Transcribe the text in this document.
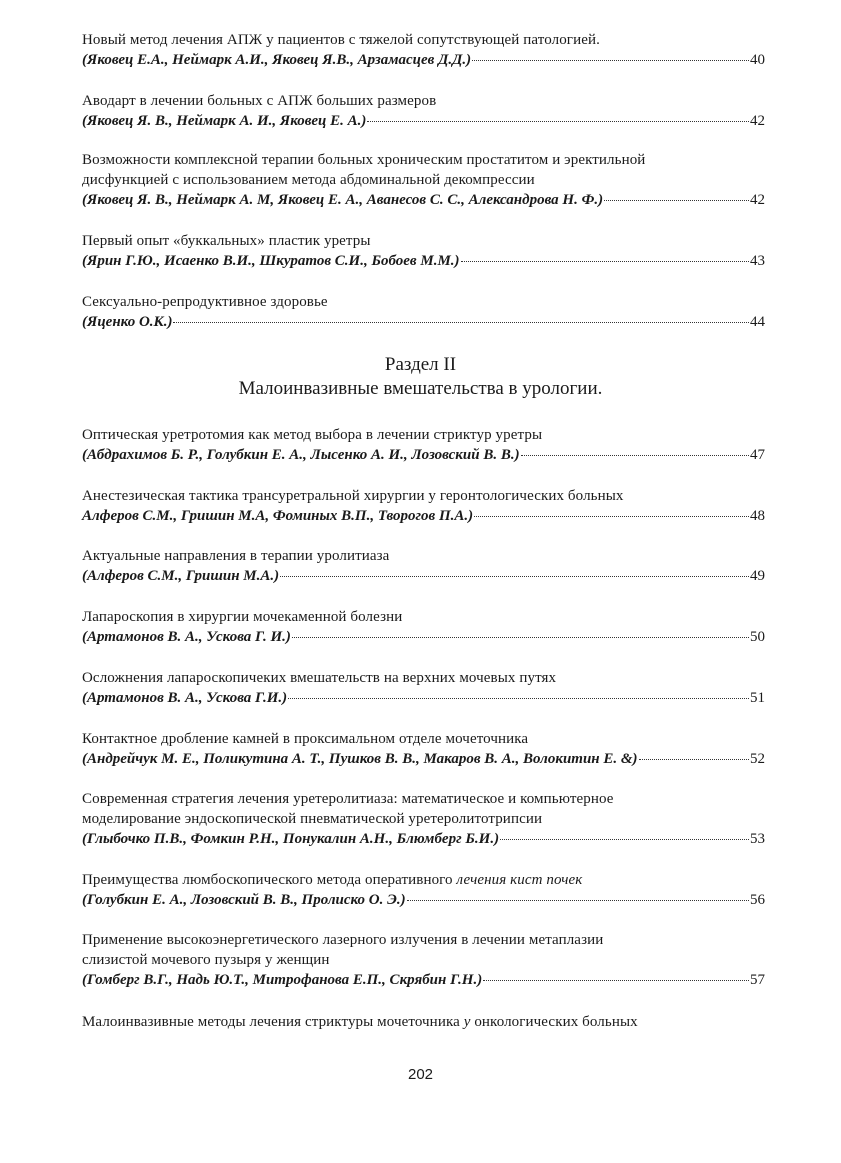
Новый метод лечения АПЖ у пациентов с тяжелой сопутствующей патологией.
(Яковец Е.А., Неймарк А.И., Яковец Я.В., Арзамасцев Д.Д.)	40
Аводарт в лечении больных с АПЖ больших размеров
(Яковец Я. В., Неймарк А. И., Яковец Е. А.)	42
Возможности комплексной терапии больных хроническим простатитом и эректильной
дисфункцией с использованием метода абдоминальной декомпрессии
(Яковец Я. В., Неймарк А. М, Яковец Е. А., Аванесов С. С., Александрова Н. Ф.)	42
Первый опыт «буккальных» пластик уретры
(Ярин Г.Ю., Исаенко В.И., Шкуратов С.И., Бобоев М.М.)	43
Сексуально-репродуктивное здоровье
(Яценко О.К.)	44
Раздел II
Малоинвазивные вмешательства в урологии.
Оптическая уретротомия как метод выбора в лечении стриктур уретры
(Абдрахимов Б. Р., Голубкин Е. А., Лысенко А. И., Лозовский В. В.)	47
Анестезическая тактика трансуретральной хирургии у геронтологических больных
Алферов С.М., Гришин М.А, Фоминых В.П., Творогов П.А.)	48
Актуальные направления в терапии уролитиаза
(Алферов С.М., Гришин М.А.)	49
Лапароскопия в хирургии мочекаменной болезни
(Артамонов В. А., Ускова Г. И.)	50
Осложнения лапароскопичеких вмешательств на верхних мочевых путях
(Артамонов В. А., Ускова Г.И.)	51
Контактное дробление камней в проксимальном отделе мочеточника
(Андрейчук М. Е., Поликутина А. Т., Пушков В. В., Макаров В. А., Волокитин Е. &)	52
Современная стратегия лечения уретеролитиаза: математическое и компьютерное
моделирование эндоскопической пневматической уретеролитотрипсии
(Глыбочко П.В., Фомкин Р.Н., Понукалин А.Н., Блюмберг Б.И.)	53
Преимущества люмбоскопического метода оперативного лечения кист почек
(Голубкин Е. А., Лозовский В. В., Пролиско О. Э.)	56
Применение высокоэнергетического лазерного излучения в лечении метаплазии
слизистой мочевого пузыря у женщин
(Гомберг В.Г., Надь Ю.Т., Митрофанова Е.П., Скрябин Г.Н.)	57
Малоинвазивные методы лечения стриктуры мочеточника у онкологических больных
202
